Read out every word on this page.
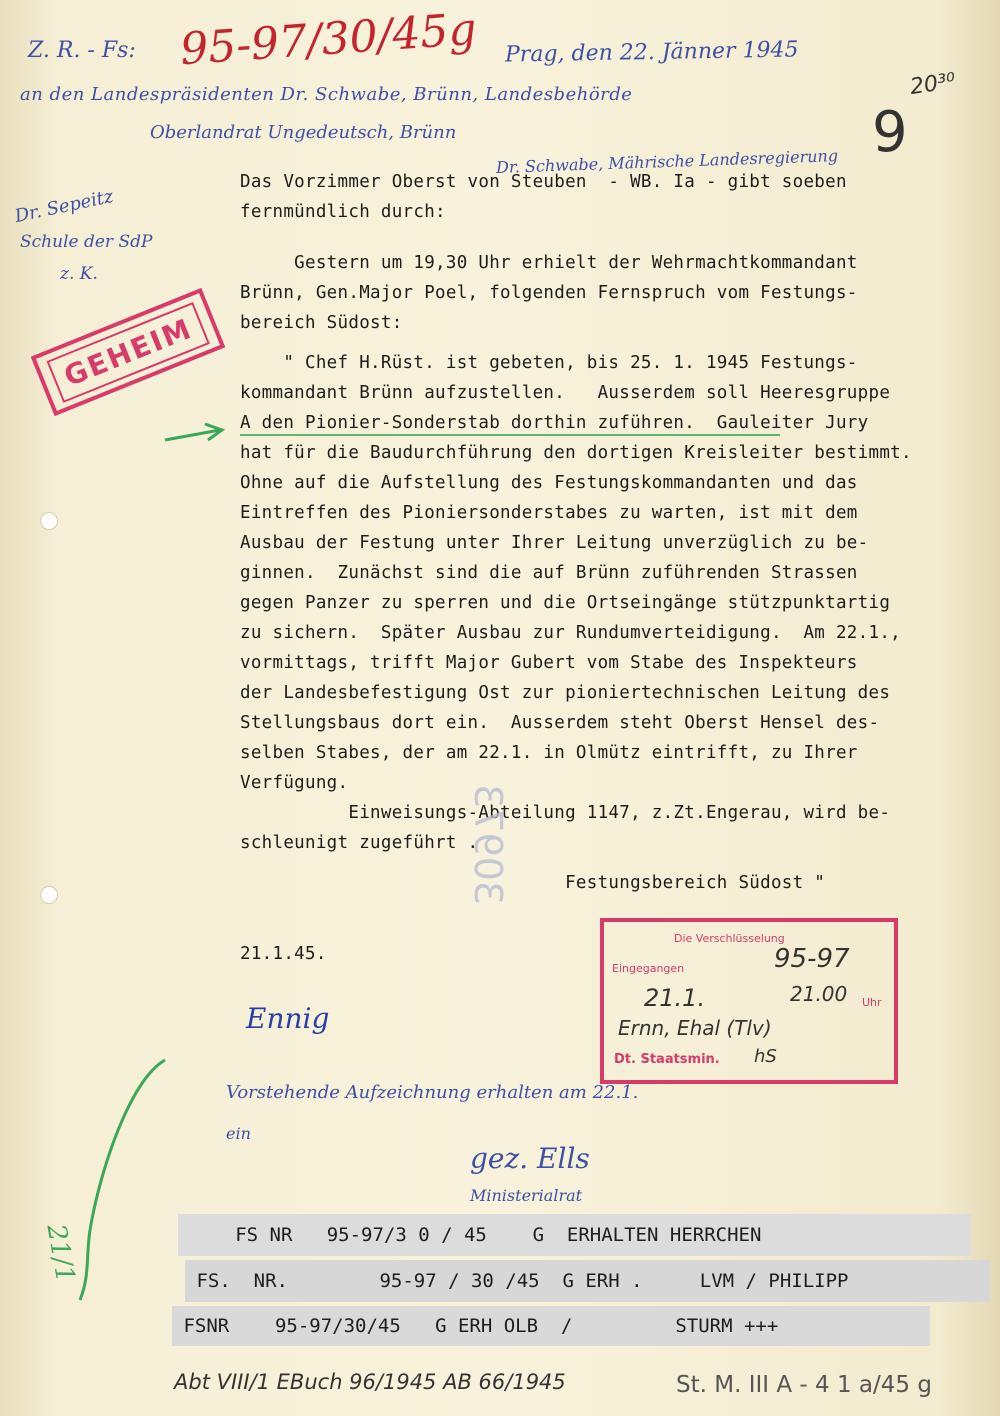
Z. R. - Fs: 95-97/30/45g Prag, den 22. Jänner 1945
an den Landespräsidenten Dr. Schwabe, Brünn, Landesbehörde	20³⁰
Oberlandrat Ungedeutsch, Brünn	9
Dr. Schwabe, Mährische Landesregierung
Dr. Sepeitz
Schule der SdP
z. K.
GEHEIM
Das Vorzimmer Oberst von Steuben  - WB. Ia - gibt soeben
fernmündlich durch:
Gestern um 19,30 Uhr erhielt der Wehrmachtkommandant
Brünn, Gen.Major Poel, folgenden Fernspruch vom Festungs-
bereich Südost:
" Chef H.Rüst. ist gebeten, bis 25. 1. 1945 Festungs-
kommandant Brünn aufzustellen.   Ausserdem soll Heeresgruppe
A den Pionier-Sonderstab dorthin zuführen.  Gauleiter Jury
hat für die Baudurchführung den dortigen Kreisleiter bestimmt.
Ohne auf die Aufstellung des Festungskommandanten und das
Eintreffen des Pioniersonderstabes zu warten, ist mit dem
Ausbau der Festung unter Ihrer Leitung unverzüglich zu be-
ginnen.  Zunächst sind die auf Brünn zuführenden Strassen
gegen Panzer zu sperren und die Ortseingänge stützpunktartig
zu sichern.  Später Ausbau zur Rundumverteidigung.  Am 22.1.,
vormittags, trifft Major Gubert vom Stabe des Inspekteurs
der Landesbefestigung Ost zur pioniertechnischen Leitung des
Stellungsbaus dort ein.  Ausserdem steht Oberst Hensel des-
selben Stabes, der am 22.1. in Olmütz eintrifft, zu Ihrer
Verfügung.
Einweisungs-Abteilung 1147, z.Zt.Engerau, wird be-
schleunigt zugeführt .
Festungsbereich Südost "
30973
21.1.45.
Die Verschlüsselung
Eingegangen	95-97
21.1.	21.00 Uhr
Ernn, Ehal (Tlv)
Dt. Staatsmin. hS
Ennig
21/1
Vorstehende Aufzeichnung erhalten am 22.1.
ein
gez. Ells
Ministerialrat
FS NR   95-97/3 0 / 45    G  ERHALTEN HERRCHEN
FS.  NR.        95-97 / 30 /45  G ERH .     LVM / PHILIPP
FSNR    95-97/30/45   G ERH OLB  /         STURM +++
Abt VIII/1 EBuch 96/1945 AB 66/1945	St. M. III A - 4 1 a/45 g
